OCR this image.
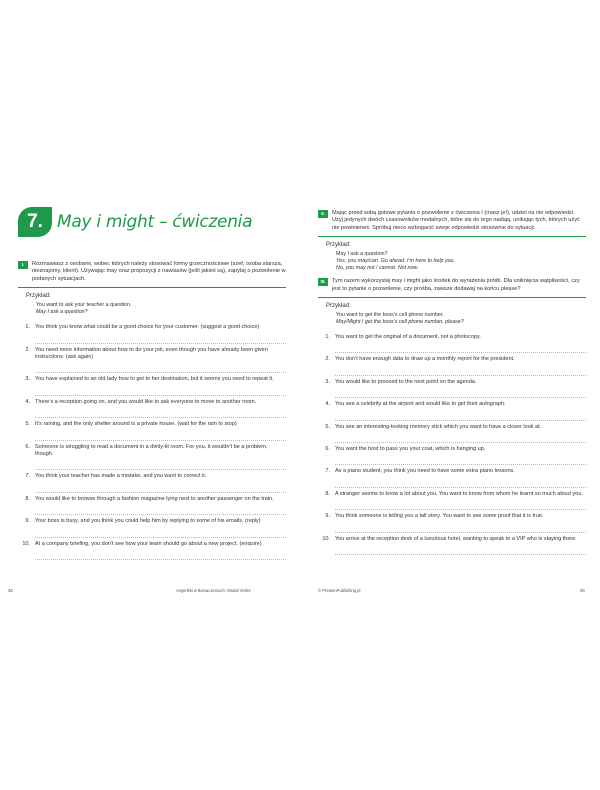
7. May i might – ćwiczenia
I.	Rozmawiasz z osobami, wobec których należy stosować formy grzecznościowe (szef, osoba starsza, nieznajomy, klient). Używając may oraz propozycji z nawiasów (jeśli jakieś są), zapytaj o pozwolenie w podanych sytuacjach.
Przykład:
You want to ask your teacher a question.
May I ask a question?
1. You think you know what could be a good choice for your customer. (suggest a good choice)
2. You need more information about how to do your job, even though you have already been given instructions. (ask again)
3. You have explained to an old lady how to get to her destination, but it seems you need to repeat it.
4. There’s a reception going on, and you would like to ask everyone to move to another room.
5. It’s raining, and the only shelter around is a private house. (wait for the rain to stop)
6. Someone is struggling to read a document in a dimly-lit room. For you, it wouldn’t be a problem, though.
7. You think your teacher has made a mistake, and you want to correct it.
8. You would like to browse through a fashion magazine lying next to another passenger on the train.
9. Your boss is busy, and you think you could help him by replying to some of his emails. (reply)
10. At a company briefing, you don’t see how your team should go about a new project. (enquire)
II.	Mając przed sobą gotowe pytania o pozwolenie z ćwiczenia I (masz je!), udziel na nie odpowiedzi. Użyj jedynych dwóch czasowników modalnych, które się do tego nadają, unikając tych, których użyć nie powinieneś. Spróbuj nieco wzbogacić swoje odpowiedzi stosownie do sytuacji.
Przykład:
May I ask a question?
Yes, you may/can. Go ahead. I’m here to help you.
No, you may not / cannot. Not now.
III.	Tym razem wykorzystaj may i might jako środek do wyrażenia próśb. Dla uniknięcia wątpliwości, czy jest to pytanie o pozwolenie, czy prośba, zawsze dodawaj na końcu please?
Przykład:
You want to get the boss’s cell phone number.
May/Might I get the boss’s cell phone number, please?
1. You want to get the original of a document, not a photocopy.
2. You don’t have enough data to draw up a monthly report for the president.
3. You would like to proceed to the next point on the agenda.
4. You see a celebrity at the airport and would like to get their autograph.
5. You see an interesting-looking memory stick which you want to have a closer look at.
6. You want the host to pass you your coat, which is hanging up.
7. As a piano student, you think you need to have some extra piano lessons.
8. A stranger seems to know a lot about you. You want to know from whom he learnt so much about you.
9. You think someone is telling you a tall story. You want to see some proof that it is true.
10. You arrive at the reception desk of a luxurious hotel, wanting to speak to a VIP who is staying there.
38	Angielski w tłumaczeniach: Modal Verbs	© PrestonPublishing.pl	39
